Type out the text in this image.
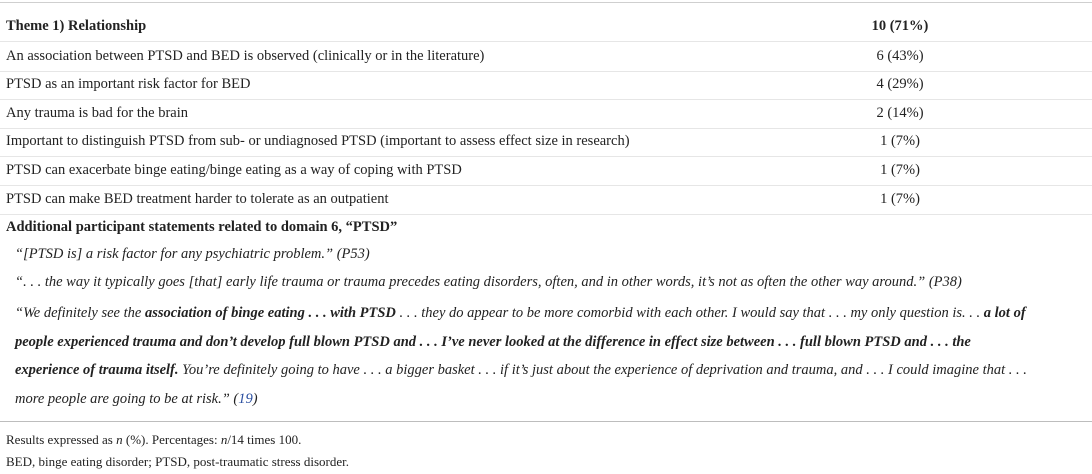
Theme 1) Relationship	10 (71%)
An association between PTSD and BED is observed (clinically or in the literature)	6 (43%)
PTSD as an important risk factor for BED	4 (29%)
Any trauma is bad for the brain	2 (14%)
Important to distinguish PTSD from sub- or undiagnosed PTSD (important to assess effect size in research)	1 (7%)
PTSD can exacerbate binge eating/binge eating as a way of coping with PTSD	1 (7%)
PTSD can make BED treatment harder to tolerate as an outpatient	1 (7%)
Additional participant statements related to domain 6, “PTSD”
“[PTSD is] a risk factor for any psychiatric problem.” (P53)
“. . . the way it typically goes [that] early life trauma or trauma precedes eating disorders, often, and in other words, it’s not as often the other way around.” (P38)
“We definitely see the association of binge eating . . . with PTSD . . . they do appear to be more comorbid with each other. I would say that . . . my only question is. . . a lot of
people experienced trauma and don’t develop full blown PTSD and . . . I’ve never looked at the difference in effect size between . . . full blown PTSD and . . . the
experience of trauma itself. You’re definitely going to have . . . a bigger basket . . . if it’s just about the experience of deprivation and trauma, and . . . I could imagine that . . .
more people are going to be at risk.” (19)
Results expressed as n (%). Percentages: n/14 times 100.
BED, binge eating disorder; PTSD, post-traumatic stress disorder.
